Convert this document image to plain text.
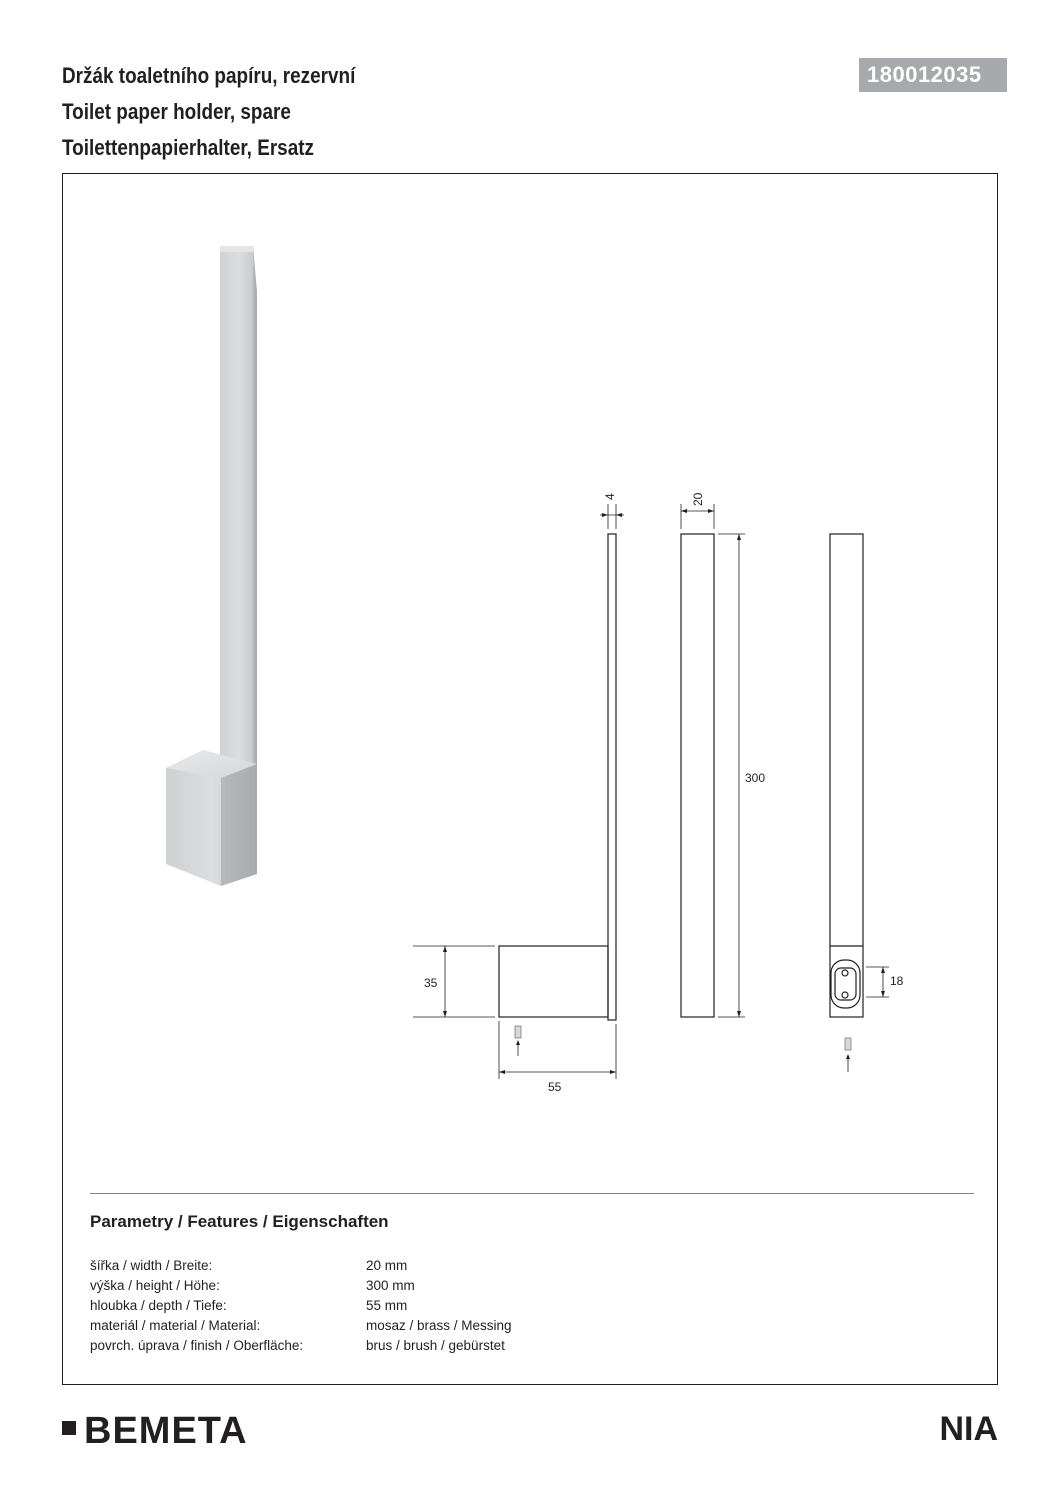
Držák toaletního papíru, rezervní
Toilet paper holder, spare
Toilettenpapierhalter, Ersatz
180012035
4	20
300
35
55
18
Parametry / Features / Eigenschaften
šířka / width / Breite:	20 mm
výška / height / Höhe:	300 mm
hloubka / depth / Tiefe:	55 mm
materiál / material / Material:	mosaz / brass / Messing
povrch. úprava / finish / Oberfläche:	brus / brush / gebürstet
BEMETA	NIA
